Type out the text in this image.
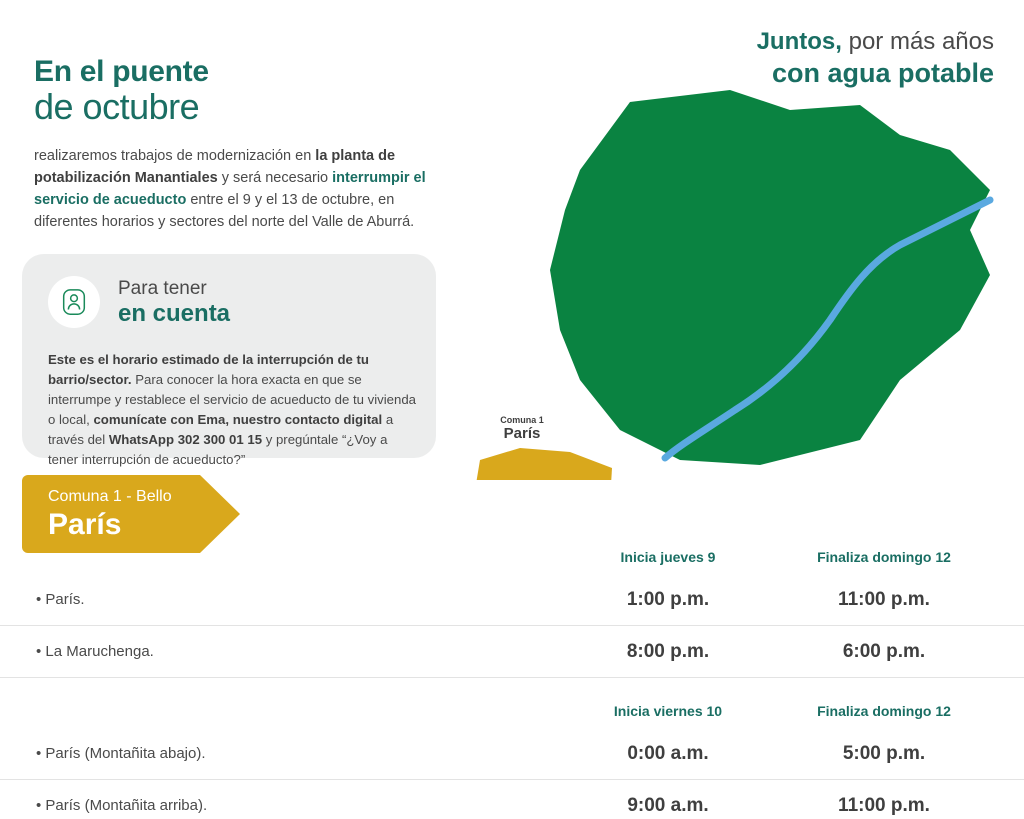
En el puente
de octubre
realizaremos trabajos de modernización en la planta de potabilización Manantiales y será necesario interrumpir el servicio de acueducto entre el 9 y el 13 de octubre, en diferentes horarios y sectores del norte del Valle de Aburrá.
Para tener
en cuenta
Este es el horario estimado de la interrupción de tu barrio/sector. Para conocer la hora exacta en que se interrumpe y restablece el servicio de acueducto de tu vivienda o local, comunícate con Ema, nuestro contacto digital a través del WhatsApp 302 300 01 15 y pregúntale “¿Voy a tener interrupción de acueducto?”
Juntos, por más años
con agua potable
Comuna 1
París
Comuna 1 - Bello
París
Inicia jueves 9	Finaliza domingo 12
• París.	1:00 p.m.	11:00 p.m.
• La Maruchenga.	8:00 p.m.	6:00 p.m.
Inicia viernes 10	Finaliza domingo 12
• París (Montañita abajo).	0:00 a.m.	5:00 p.m.
• París (Montañita arriba).	9:00 a.m.	11:00 p.m.
